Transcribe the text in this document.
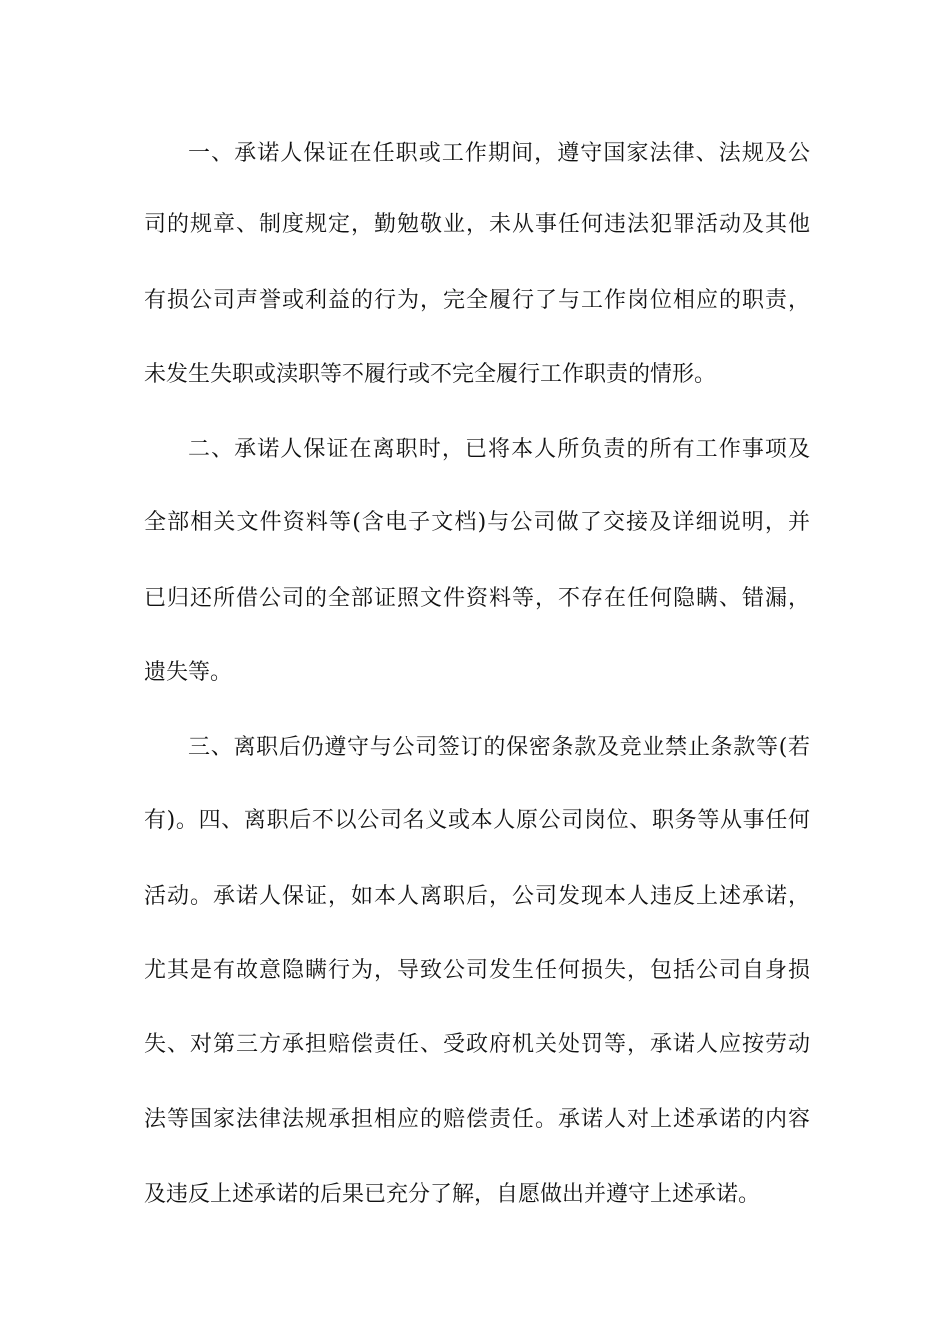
一、承诺人保证在任职或工作期间，遵守国家法律、法规及公
司的规章、制度规定，勤勉敬业，未从事任何违法犯罪活动及其他
有损公司声誉或利益的行为，完全履行了与工作岗位相应的职责，
未发生失职或渎职等不履行或不完全履行工作职责的情形。
二、承诺人保证在离职时，已将本人所负责的所有工作事项及
全部相关文件资料等(含电子文档)与公司做了交接及详细说明，并
已归还所借公司的全部证照文件资料等，不存在任何隐瞒、错漏，
遗失等。
三、离职后仍遵守与公司签订的保密条款及竞业禁止条款等(若
有)。四、离职后不以公司名义或本人原公司岗位、职务等从事任何
活动。承诺人保证，如本人离职后，公司发现本人违反上述承诺，
尤其是有故意隐瞒行为，导致公司发生任何损失，包括公司自身损
失、对第三方承担赔偿责任、受政府机关处罚等，承诺人应按劳动
法等国家法律法规承担相应的赔偿责任。承诺人对上述承诺的内容
及违反上述承诺的后果已充分了解，自愿做出并遵守上述承诺。
